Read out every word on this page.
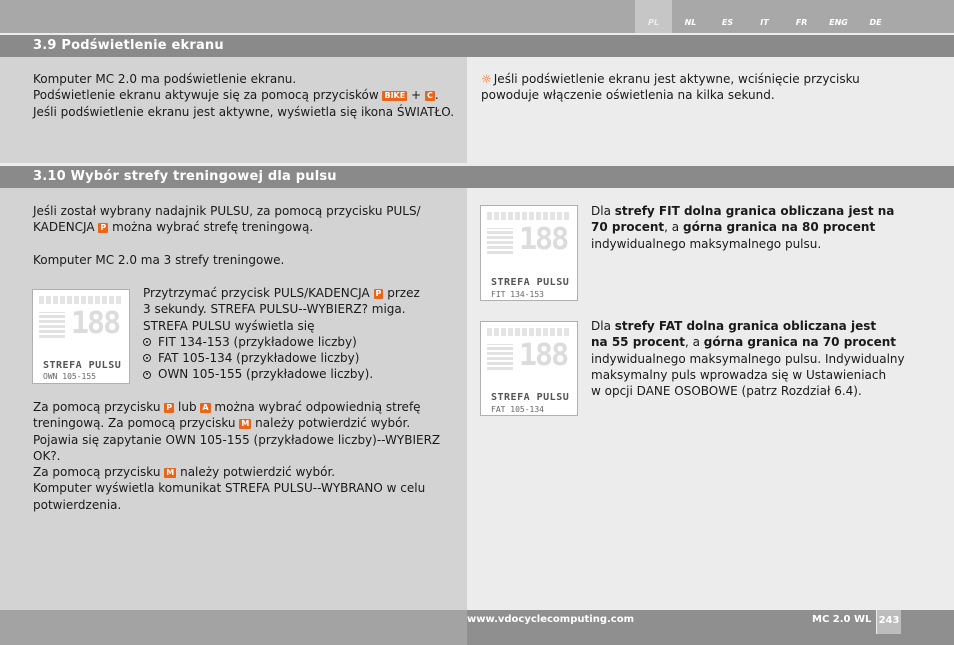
PL	NL	ES	IT	FR	ENG	DE
3.9 Podświetlenie ekranu
Komputer MC 2.0 ma podświetlenie ekranu.
Podświetlenie ekranu aktywuje się za pomocą przycisków BIKE + C .
Jeśli podświetlenie ekranu jest aktywne, wyświetla się ikona ŚWIATŁO.
☼ Jeśli podświetlenie ekranu jest aktywne, wciśnięcie przycisku powoduje włączenie oświetlenia na kilka sekund.
3.10 Wybór strefy treningowej dla pulsu
Jeśli został wybrany nadajnik PULSU, za pomocą przycisku PULS/ KADENCJA P można wybrać strefę treningową.
Komputer MC 2.0 ma 3 strefy treningowe.
188
STREFA PULSU
OWN 105-155
Przytrzymać przycisk PULS/KADENCJA P przez
3 sekundy. STREFA PULSU--WYBIERZ? miga.
STREFA PULSU wyświetla się
FIT 134-153 (przykładowe liczby)
FAT 105-134 (przykładowe liczby)
OWN 105-155 (przykładowe liczby).
Za pomocą przycisku P lub A można wybrać odpowiednią strefę
treningową. Za pomocą przycisku M należy potwierdzić wybór.
Pojawia się zapytanie OWN 105-155 (przykładowe liczby)--WYBIERZ OK?.
Za pomocą przycisku M należy potwierdzić wybór.
Komputer wyświetla komunikat STREFA PULSU--WYBRANO w celu potwierdzenia.
188
STREFA PULSU
FIT 134-153
Dla strefy FIT dolna granica obliczana jest na
70 procent, a górna granica na 80 procent
indywidualnego maksymalnego pulsu.
188
STREFA PULSU
FAT 105-134
Dla strefy FAT dolna granica obliczana jest
na 55 procent, a górna granica na 70 procent
indywidualnego maksymalnego pulsu. Indywidualny
maksymalny puls wprowadza się w Ustawieniach
w opcji DANE OSOBOWE (patrz Rozdział 6.4).
www.vdocyclecomputing.com	MC 2.0 WL 243
